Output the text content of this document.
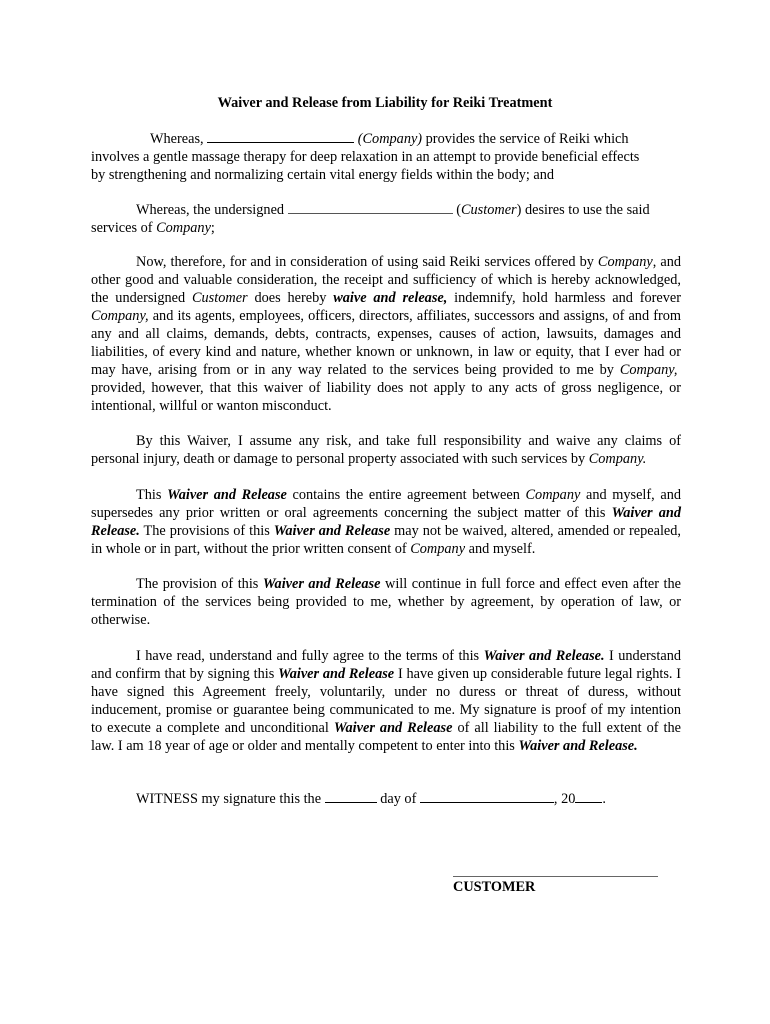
Waiver and Release from Liability for Reiki Treatment
Whereas,	(Company) provides the service of Reiki which
involves a gentle massage therapy for deep relaxation in an attempt to provide beneficial effects
by strengthening and normalizing certain vital energy fields within the body; and
Whereas, the undersigned	(Customer) desires to use the said
services of Company;
Now, therefore, for and in consideration of using said Reiki services offered by Company, and other good and valuable consideration, the receipt and sufficiency of which is hereby acknowledged, the undersigned Customer does hereby waive and release, indemnify, hold harmless and forever Company, and its agents, employees, officers, directors, affiliates, successors and assigns, of and from any and all claims, demands, debts, contracts, expenses, causes of action, lawsuits, damages and liabilities, of every kind and nature, whether known or unknown, in law or equity, that I ever had or may have, arising from or in any way related to the services being provided to me by Company,  provided, however, that this waiver of liability does not apply to any acts of gross negligence, or intentional, willful or wanton misconduct.
By this Waiver, I assume any risk, and take full responsibility and waive any claims of personal injury, death or damage to personal property associated with such services by Company.
This Waiver and Release contains the entire agreement between Company and myself, and supersedes any prior written or oral agreements concerning the subject matter of this Waiver and Release. The provisions of this Waiver and Release may not be waived, altered, amended or repealed, in whole or in part, without the prior written consent of Company and myself.
The provision of this Waiver and Release will continue in full force and effect even after the termination of the services being provided to me, whether by agreement, by operation of law, or otherwise.
I have read, understand and fully agree to the terms of this Waiver and Release. I understand and confirm that by signing this Waiver and Release I have given up considerable future legal rights. I have signed this Agreement freely, voluntarily, under no duress or threat of duress, without inducement, promise or guarantee being communicated to me. My signature is proof of my intention to execute a complete and unconditional Waiver and Release of all liability to the full extent of the law. I am 18 year of age or older and mentally competent to enter into this Waiver and Release.
WITNESS my signature this the	day of	, 20 .
CUSTOMER
